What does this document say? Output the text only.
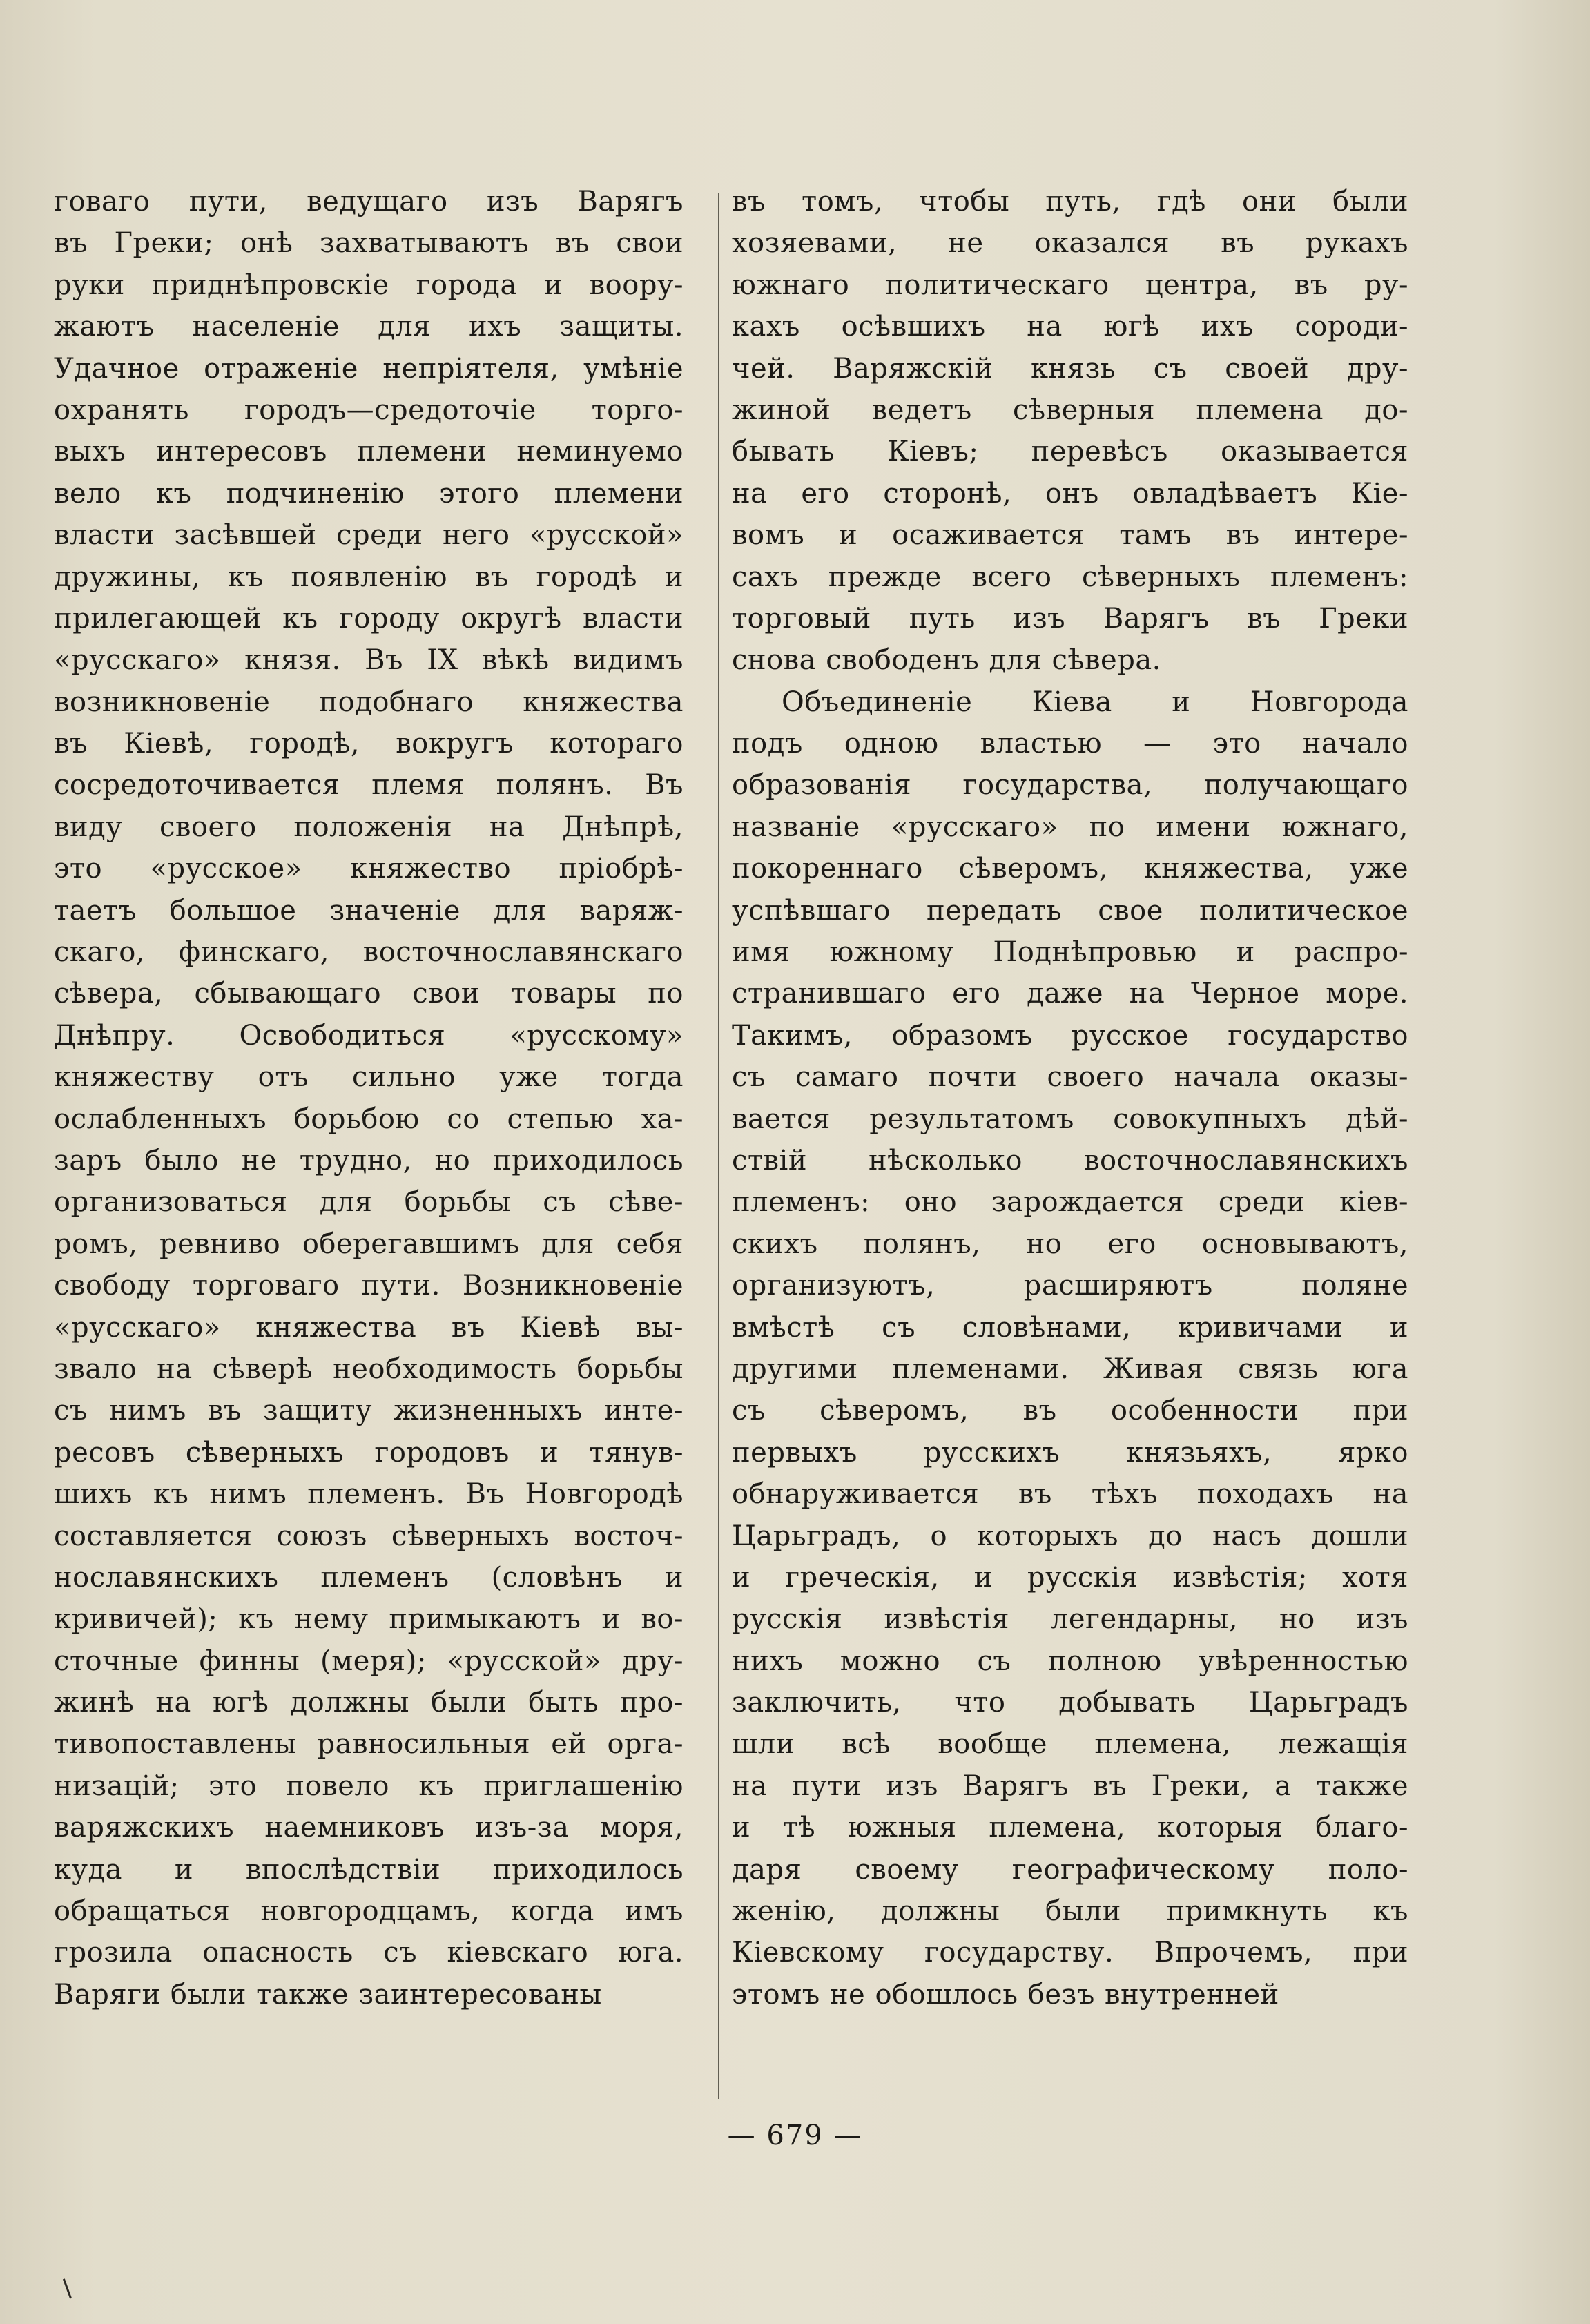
говаго пути, ведущаго изъ Варягъ
въ Греки; онѣ захватываютъ въ свои
руки приднѣпровскіе города и воору-
жаютъ населеніе для ихъ защиты.
Удачное отраженіе непріятеля, умѣніе
охранять городъ—средоточіе торго-
выхъ интересовъ племени неминуемо
вело къ подчиненію этого племени
власти засѣвшей среди него «русской»
дружины, къ появленію въ городѣ и
прилегающей къ городу округѣ власти
«русскаго» князя. Въ IX вѣкѣ видимъ
возникновеніе подобнаго княжества
въ Кіевѣ, городѣ, вокругъ котораго
сосредоточивается племя полянъ. Въ
виду своего положенія на Днѣпрѣ,
это «русское» княжество пріобрѣ-
таетъ большое значеніе для варяж-
скаго, финскаго, восточнославянскаго
сѣвера, сбывающаго свои товары по
Днѣпру. Освободиться «русскому»
княжеству отъ сильно уже тогда
ослабленныхъ борьбою со степью ха-
заръ было не трудно, но приходилось
организоваться для борьбы съ сѣве-
ромъ, ревниво оберегавшимъ для себя
свободу торговаго пути. Возникновеніе
«русскаго» княжества въ Кіевѣ вы-
звало на сѣверѣ необходимость борьбы
съ нимъ въ защиту жизненныхъ инте-
ресовъ сѣверныхъ городовъ и тянув-
шихъ къ нимъ племенъ. Въ Новгородѣ
составляется союзъ сѣверныхъ восточ-
нославянскихъ племенъ (словѣнъ и
кривичей); къ нему примыкаютъ и во-
сточные финны (меря); «русской» дру-
жинѣ на югѣ должны были быть про-
тивопоставлены равносильныя ей орга-
низацій; это повело къ приглашенію
варяжскихъ наемниковъ изъ-за моря,
куда и впослѣдствіи приходилось
обращаться новгородцамъ, когда имъ
грозила опасность съ кіевскаго юга.
Варяги были также заинтересованы
въ томъ, чтобы путь, гдѣ они были
хозяевами, не оказался въ рукахъ
южнаго политическаго центра, въ ру-
кахъ осѣвшихъ на югѣ ихъ сороди-
чей. Варяжскій князь съ своей дру-
жиной ведетъ сѣверныя племена до-
бывать Кіевъ; перевѣсъ оказывается
на его сторонѣ, онъ овладѣваетъ Кіе-
вомъ и осаживается тамъ въ интере-
сахъ прежде всего сѣверныхъ племенъ:
торговый путь изъ Варягъ въ Греки
снова свободенъ для сѣвера.
Объединеніе Кіева и Новгорода
подъ одною властью — это начало
образованія государства, получающаго
названіе «русскаго» по имени южнаго,
покореннаго сѣверомъ, княжества, уже
успѣвшаго передать свое политическое
имя южному Поднѣпровью и распро-
странившаго его даже на Черное море.
Такимъ, образомъ русское государство
съ самаго почти своего начала оказы-
вается результатомъ совокупныхъ дѣй-
ствій нѣсколько восточнославянскихъ
племенъ: оно зарождается среди кіев-
скихъ полянъ, но его основываютъ,
организуютъ, расширяютъ поляне
вмѣстѣ съ словѣнами, кривичами и
другими племенами. Живая связь юга
съ сѣверомъ, въ особенности при
первыхъ русскихъ князьяхъ, ярко
обнаруживается въ тѣхъ походахъ на
Царьградъ, о которыхъ до насъ дошли
и греческія, и русскія извѣстія; хотя
русскія извѣстія легендарны, но изъ
нихъ можно съ полною увѣренностью
заключить, что добывать Царьградъ
шли всѣ вообще племена, лежащія
на пути изъ Варягъ въ Греки, а также
и тѣ южныя племена, которыя благо-
даря своему географическому поло-
женію, должны были примкнуть къ
Кіевскому государству. Впрочемъ, при
этомъ не обошлось безъ внутренней
— 679 —
